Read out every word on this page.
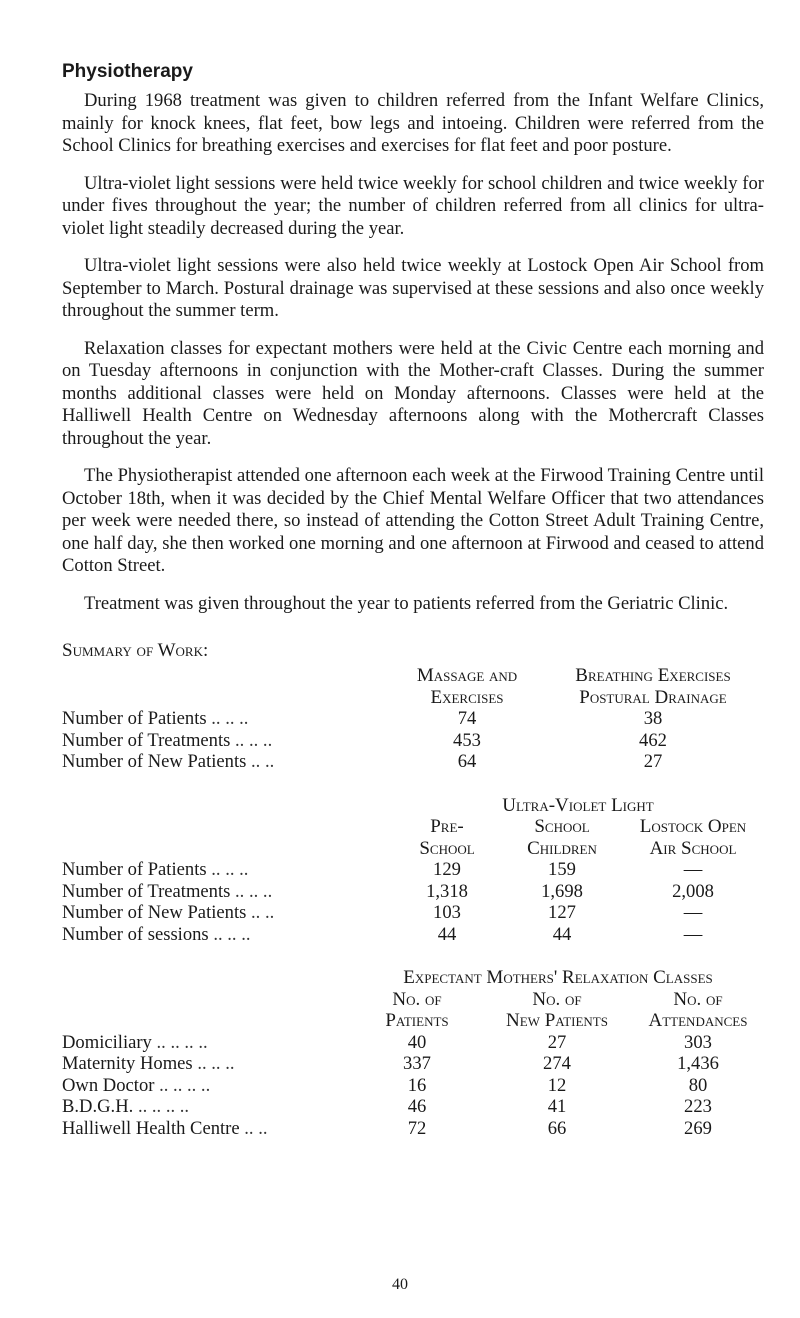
Physiotherapy

During 1968 treatment was given to children referred from the Infant Welfare Clinics, mainly for knock knees, flat feet, bow legs and intoeing. Children were referred from the School Clinics for breathing exercises and exercises for flat feet and poor posture.

Ultra-violet light sessions were held twice weekly for school children and twice weekly for under fives throughout the year; the number of children referred from all clinics for ultra-violet light steadily decreased during the year.

Ultra-violet light sessions were also held twice weekly at Lostock Open Air School from September to March. Postural drainage was supervised at these sessions and also once weekly throughout the summer term.

Relaxation classes for expectant mothers were held at the Civic Centre each morning and on Tuesday afternoons in conjunction with the Mother-craft Classes. During the summer months additional classes were held on Monday afternoons. Classes were held at the Halliwell Health Centre on Wednesday afternoons along with the Mothercraft Classes throughout the year.

The Physiotherapist attended one afternoon each week at the Firwood Training Centre until October 18th, when it was decided by the Chief Mental Welfare Officer that two attendances per week were needed there, so instead of attending the Cotton Street Adult Training Centre, one half day, she then worked one morning and one afternoon at Firwood and ceased to attend Cotton Street.

Treatment was given throughout the year to patients referred from the Geriatric Clinic.

Summary of Work:
	Massage and	Breathing Exercises
	Exercises	Postural Drainage
Number of Patients .. .. ..	74	38
Number of Treatments .. .. ..	453	462
Number of New Patients .. ..	64	27
	Ultra-Violet Light		
	Pre-	School	Lostock Open
	School	Children	Air School
Number of Patients .. .. ..	129	159	—
Number of Treatments .. .. ..	1,318	1,698	2,008
Number of New Patients .. ..	103	127	—
Number of sessions .. .. ..	44	44	—
	Expectant Mothers' Relaxation Classes		
	No. of	No. of	No. of
	Patients	New Patients	Attendances
Domiciliary .. .. .. ..	40	27	303
Maternity Homes .. .. ..	337	274	1,436
Own Doctor .. .. .. ..	16	12	80
B.D.G.H. .. .. .. ..	46	41	223
Halliwell Health Centre .. ..	72	66	269
40
